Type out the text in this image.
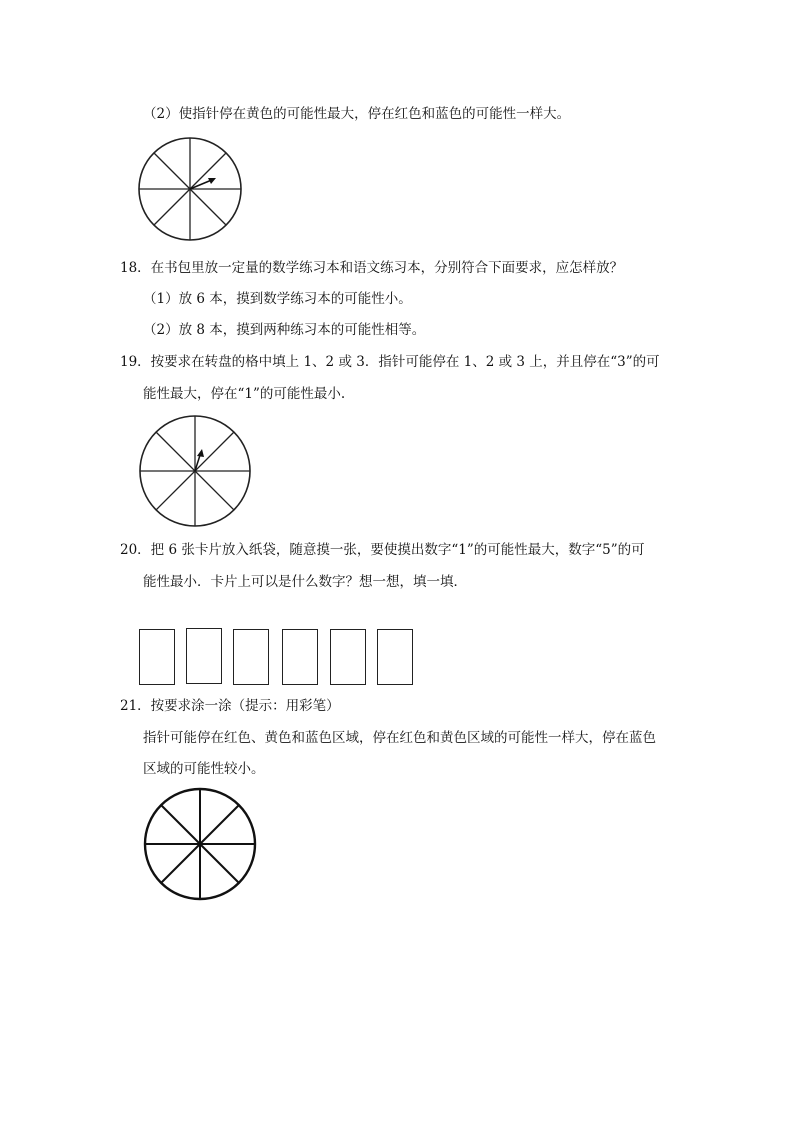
（2）使指针停在黄色的可能性最大，停在红色和蓝色的可能性一样大。
18．在书包里放一定量的数学练习本和语文练习本，分别符合下面要求，应怎样放？
（1）放 6 本，摸到数学练习本的可能性小。
（2）放 8 本，摸到两种练习本的可能性相等。
19．按要求在转盘的格中填上 1、2 或 3．指针可能停在 1、2 或 3 上，并且停在“3”的可
能性最大，停在“1”的可能性最小.
20．把 6 张卡片放入纸袋，随意摸一张，要使摸出数字“1”的可能性最大，数字“5”的可
能性最小．卡片上可以是什么数字？想一想，填一填．
21．按要求涂一涂（提示：用彩笔）
指针可能停在红色、黄色和蓝色区域，停在红色和黄色区域的可能性一样大，停在蓝色
区域的可能性较小。
